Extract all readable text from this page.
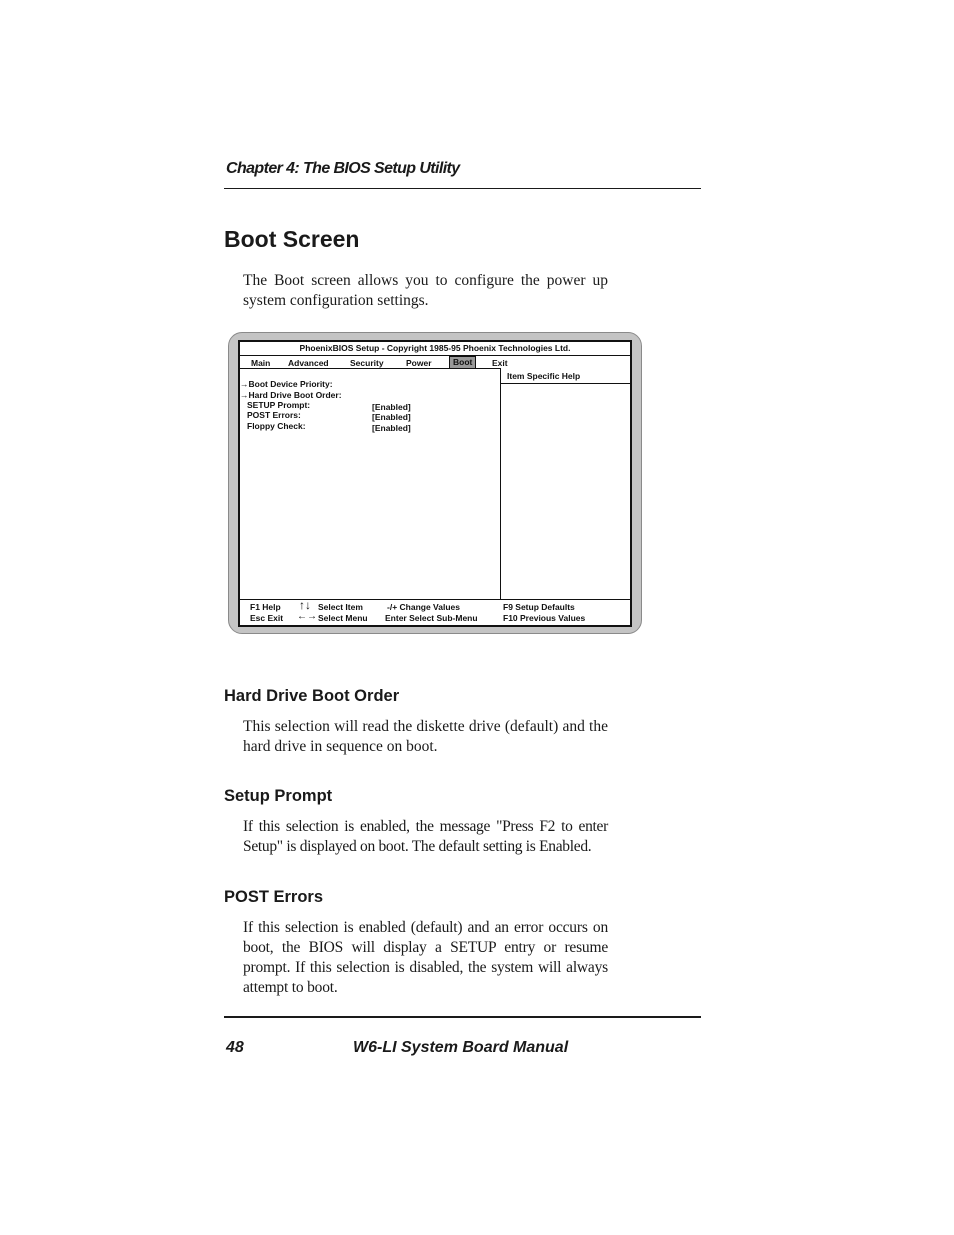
Chapter 4: The BIOS Setup Utility
Boot Screen
The Boot screen allows you to configure the power up system configuration settings.
PhoenixBIOS Setup - Copyright 1985-95 Phoenix Technologies Ltd.
Main Advanced	Security	Power	Boot	Exit
Item Specific Help
→Boot Device Priority:
→Hard Drive Boot Order:
SETUP Prompt:	[Enabled]
POST Errors:	[Enabled]
Floppy Check:	[Enabled]
F1 Help ↑↓ Select Item	-/+ Change Values	F9 Setup Defaults
Esc Exit ←→ Select Menu Enter Select Sub-Menu	F10 Previous Values
Hard Drive Boot Order
This selection will read the diskette drive (default) and the hard drive in sequence on boot.
Setup Prompt
If this selection is enabled, the message "Press F2 to enter Setup" is displayed on boot. The default setting is Enabled.
POST Errors
If this selection is enabled (default) and an error occurs on boot, the BIOS will display a SETUP entry or resume prompt. If this selection is disabled, the system will always attempt to boot.
48	W6-LI System Board Manual
